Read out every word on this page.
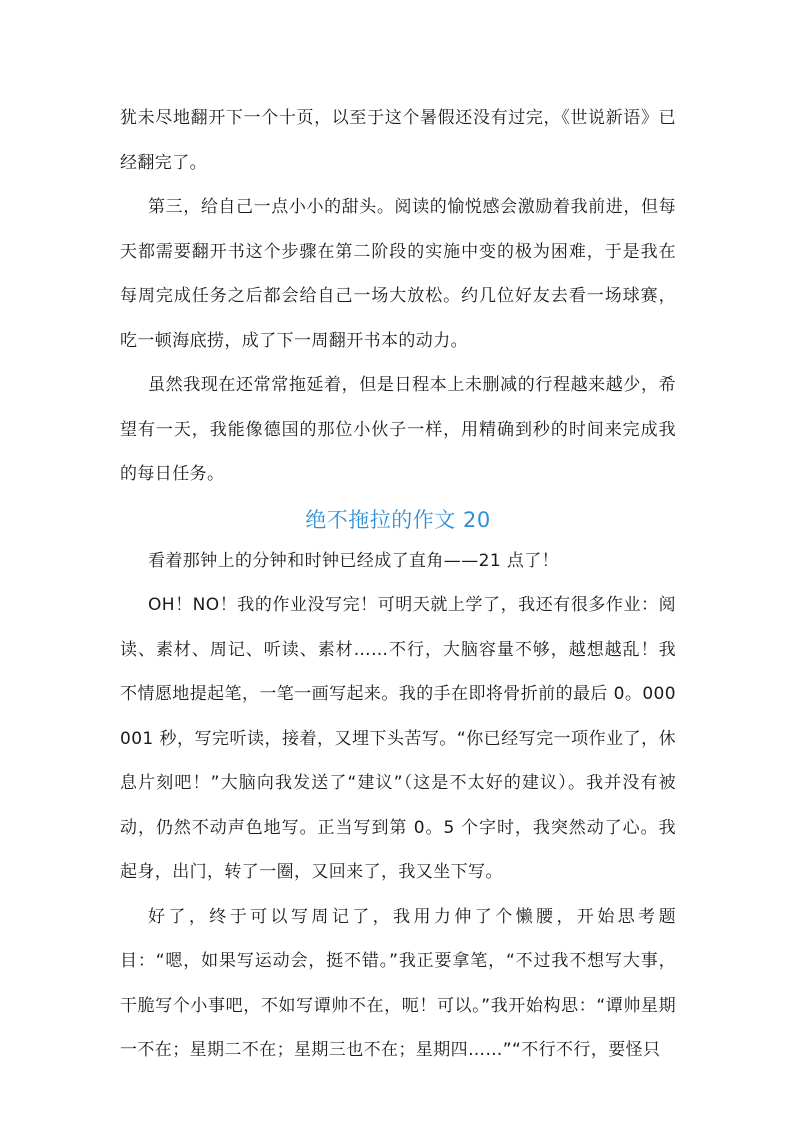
犹未尽地翻开下一个十页，以至于这个暑假还没有过完，《世说新语》已经翻完了。

第三，给自己一点小小的甜头。阅读的愉悦感会激励着我前进，但每天都需要翻开书这个步骤在第二阶段的实施中变的极为困难，于是我在每周完成任务之后都会给自己一场大放松。约几位好友去看一场球赛，吃一顿海底捞，成了下一周翻开书本的动力。

虽然我现在还常常拖延着，但是日程本上未删减的行程越来越少，希望有一天，我能像德国的那位小伙子一样，用精确到秒的时间来完成我的每日任务。

绝不拖拉的作文 20

看着那钟上的分钟和时钟已经成了直角——21 点了！

OH！NO！我的作业没写完！可明天就上学了，我还有很多作业：阅读、素材、周记、听读、素材……不行，大脑容量不够，越想越乱！我不情愿地提起笔，一笔一画写起来。我的手在即将骨折前的最后 0。000001 秒，写完听读，接着，又埋下头苦写。“你已经写完一项作业了，休息片刻吧！”大脑向我发送了“建议”（这是不太好的建议）。我并没有被动，仍然不动声色地写。正当写到第 0。5 个字时，我突然动了心。我起身，出门，转了一圈，又回来了，我又坐下写。

好了，终于可以写周记了，我用力伸了个懒腰，开始思考题目：“嗯，如果写运动会，挺不错。”我正要拿笔，“不过我不想写大事，干脆写个小事吧，不如写谭帅不在，呃！可以。”我开始构思：“谭帅星期一不在；星期二不在；星期三也不在；星期四……”“不行不行，要怪只
